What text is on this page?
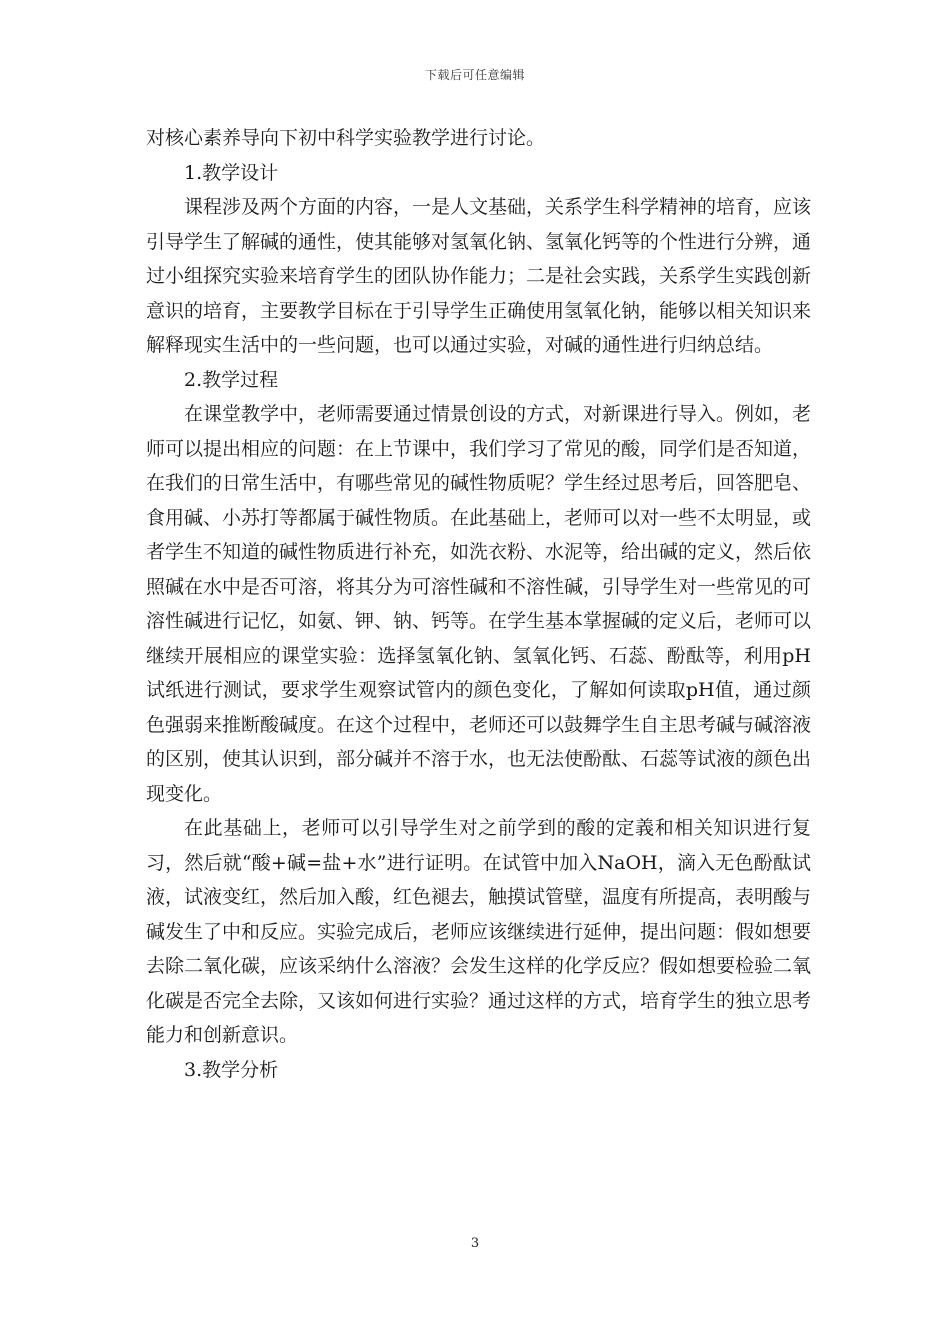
下载后可任意编辑

对核心素养导向下初中科学实验教学进行讨论。

1.教学设计

课程涉及两个方面的内容，一是人文基础，关系学生科学精神的培育，应该引导学生了解碱的通性，使其能够对氢氧化钠、氢氧化钙等的个性进行分辨，通过小组探究实验来培育学生的团队协作能力；二是社会实践，关系学生实践创新意识的培育，主要教学目标在于引导学生正确使用氢氧化钠，能够以相关知识来解释现实生活中的一些问题，也可以通过实验，对碱的通性进行归纳总结。

2.教学过程

在课堂教学中，老师需要通过情景创设的方式，对新课进行导入。例如，老师可以提出相应的问题：在上节课中，我们学习了常见的酸，同学们是否知道，在我们的日常生活中，有哪些常见的碱性物质呢？学生经过思考后，回答肥皂、食用碱、小苏打等都属于碱性物质。在此基础上，老师可以对一些不太明显，或者学生不知道的碱性物质进行补充，如洗衣粉、水泥等，给出碱的定义，然后依照碱在水中是否可溶，将其分为可溶性碱和不溶性碱，引导学生对一些常见的可溶性碱进行记忆，如氨、钾、钠、钙等。在学生基本掌握碱的定义后，老师可以继续开展相应的课堂实验：选择氢氧化钠、氢氧化钙、石蕊、酚酞等，利用pH试纸进行测试，要求学生观察试管内的颜色变化，了解如何读取pH值，通过颜色强弱来推断酸碱度。在这个过程中，老师还可以鼓舞学生自主思考碱与碱溶液的区别，使其认识到，部分碱并不溶于水，也无法使酚酞、石蕊等试液的颜色出现变化。

在此基础上，老师可以引导学生对之前学到的酸的定義和相关知识进行复习，然后就“酸+碱=盐+水”进行证明。在试管中加入NaOH，滴入无色酚酞试液，试液变红，然后加入酸，红色褪去，触摸试管壁，温度有所提高，表明酸与碱发生了中和反应。实验完成后，老师应该继续进行延伸，提出问题：假如想要去除二氧化碳，应该采纳什么溶液？会发生这样的化学反应？假如想要检验二氧化碳是否完全去除，又该如何进行实验？通过这样的方式，培育学生的独立思考能力和创新意识。

3.教学分析

3
